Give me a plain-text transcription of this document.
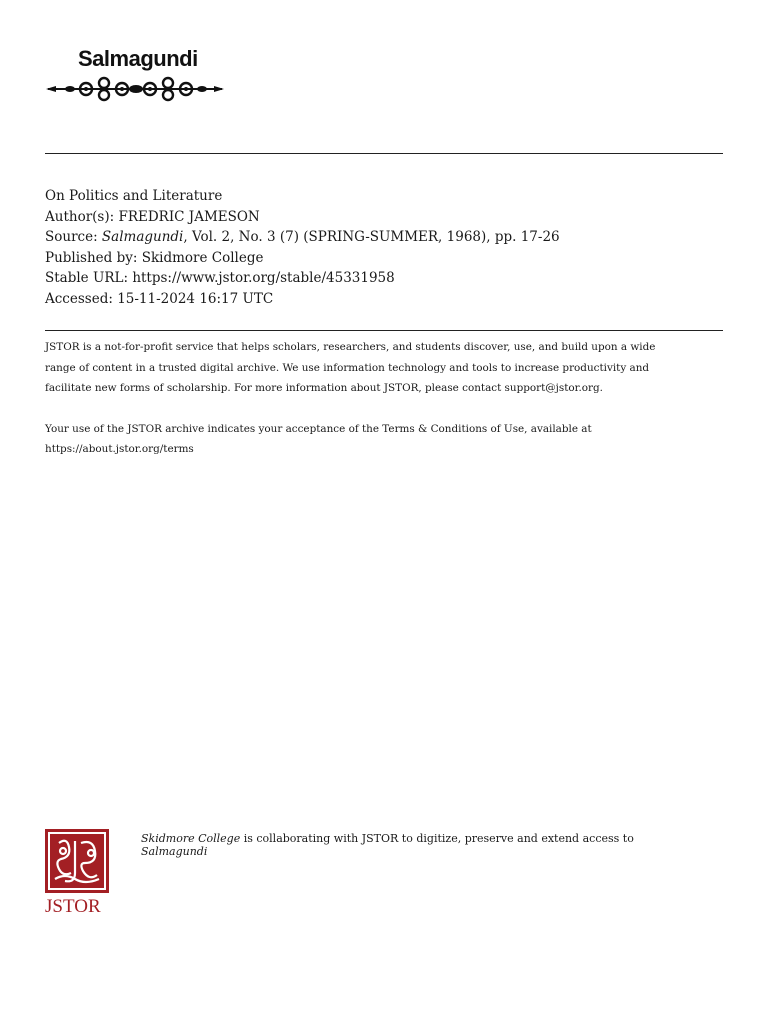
Salmagundi
On Politics and Literature
Author(s): FREDRIC JAMESON
Source: Salmagundi, Vol. 2, No. 3 (7) (SPRING-SUMMER, 1968), pp. 17-26
Published by: Skidmore College
Stable URL: https://www.jstor.org/stable/45331958
Accessed: 15-11-2024 16:17 UTC

JSTOR is a not-for-profit service that helps scholars, researchers, and students discover, use, and build upon a wide

range of content in a trusted digital archive. We use information technology and tools to increase productivity and

facilitate new forms of scholarship. For more information about JSTOR, please contact support@jstor.org.

Your use of the JSTOR archive indicates your acceptance of the Terms & Conditions of Use, available at

https://about.jstor.org/terms

JSTOR
Skidmore College is collaborating with JSTOR to digitize, preserve and extend access to
Salmagundi
